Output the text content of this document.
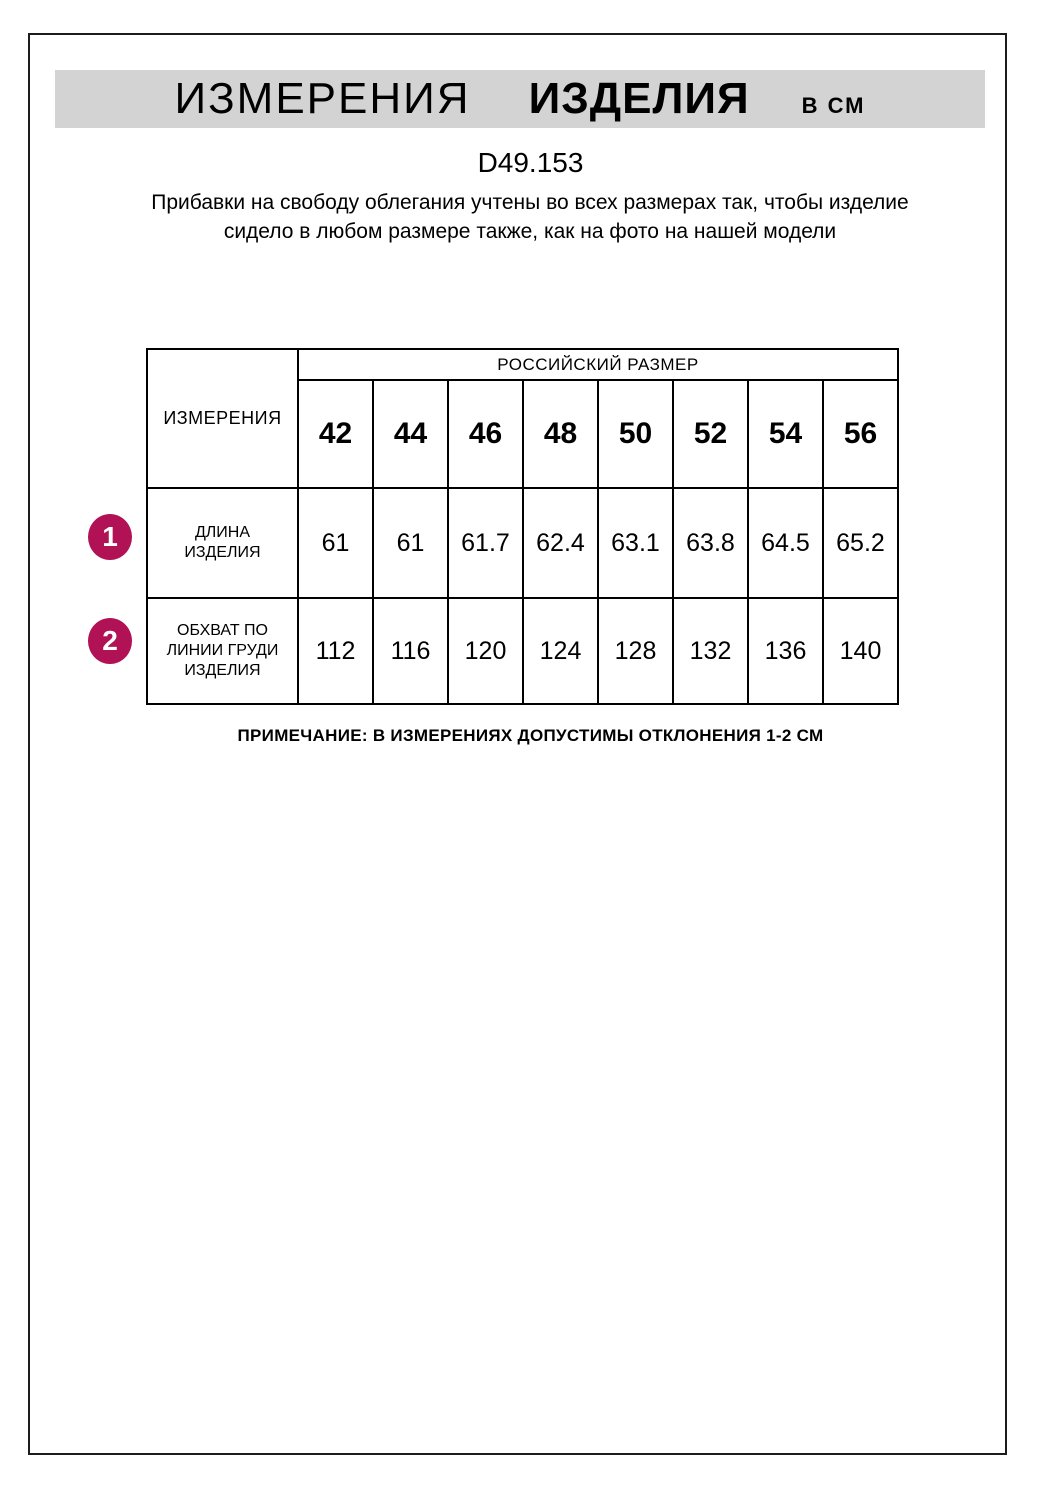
ИЗМЕРЕНИЯ ИЗДЕЛИЯ В СМ
D49.153
Прибавки на свободу облегания учтены во всех размерах так, чтобы изделие сидело в любом размере также, как на фото на нашей модели
ИЗМЕРЕНИЯ	РОССИЙСКИЙ РАЗМЕР							
	42	44	46	48	50	52	54	56
ДЛИНА ИЗДЕЛИЯ	61	61	61.7	62.4	63.1	63.8	64.5	65.2
ОБХВАТ ПО ЛИНИИ ГРУДИ ИЗДЕЛИЯ	112	116	120	124	128	132	136	140
1
2
ПРИМЕЧАНИЕ: В ИЗМЕРЕНИЯХ ДОПУСТИМЫ ОТКЛОНЕНИЯ 1-2 СМ
